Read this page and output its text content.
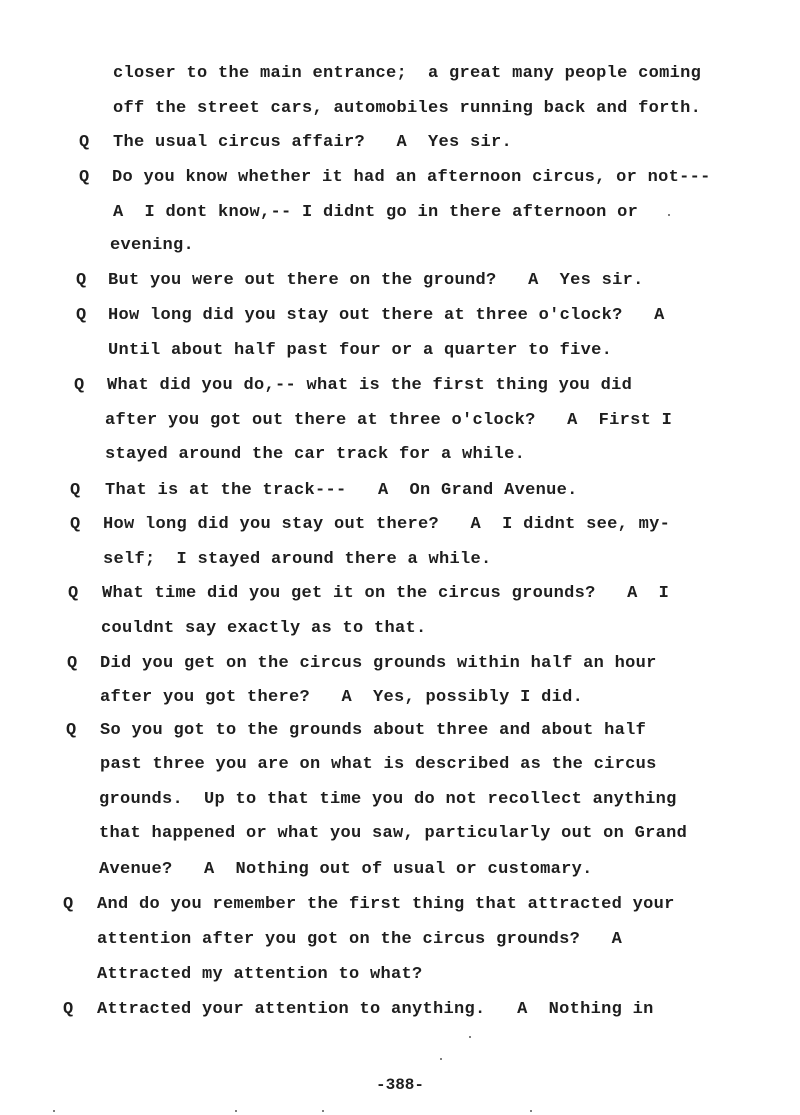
closer to the main entrance;  a great many people coming
off the street cars, automobiles running back and forth.
Q The usual circus affair?   A  Yes sir.
Q Do you know whether it had an afternoon circus, or not---
A  I dont know,-- I didnt go in there afternoon or
evening.
Q But you were out there on the ground?   A  Yes sir.
Q How long did you stay out there at three o'clock?   A
Until about half past four or a quarter to five.
Q What did you do,-- what is the first thing you did
after you got out there at three o'clock?   A  First I
stayed around the car track for a while.
Q That is at the track---   A  On Grand Avenue.
Q How long did you stay out there?   A  I didnt see, my-
self;  I stayed around there a while.
Q What time did you get it on the circus grounds?   A  I
couldnt say exactly as to that.
Q Did you get on the circus grounds within half an hour
after you got there?   A  Yes, possibly I did.
Q So you got to the grounds about three and about half
past three you are on what is described as the circus
grounds.  Up to that time you do not recollect anything
that happened or what you saw, particularly out on Grand
Avenue?   A  Nothing out of usual or customary.
Q And do you remember the first thing that attracted your
attention after you got on the circus grounds?   A
Attracted my attention to what?
Q Attracted your attention to anything.   A  Nothing in
-388-
